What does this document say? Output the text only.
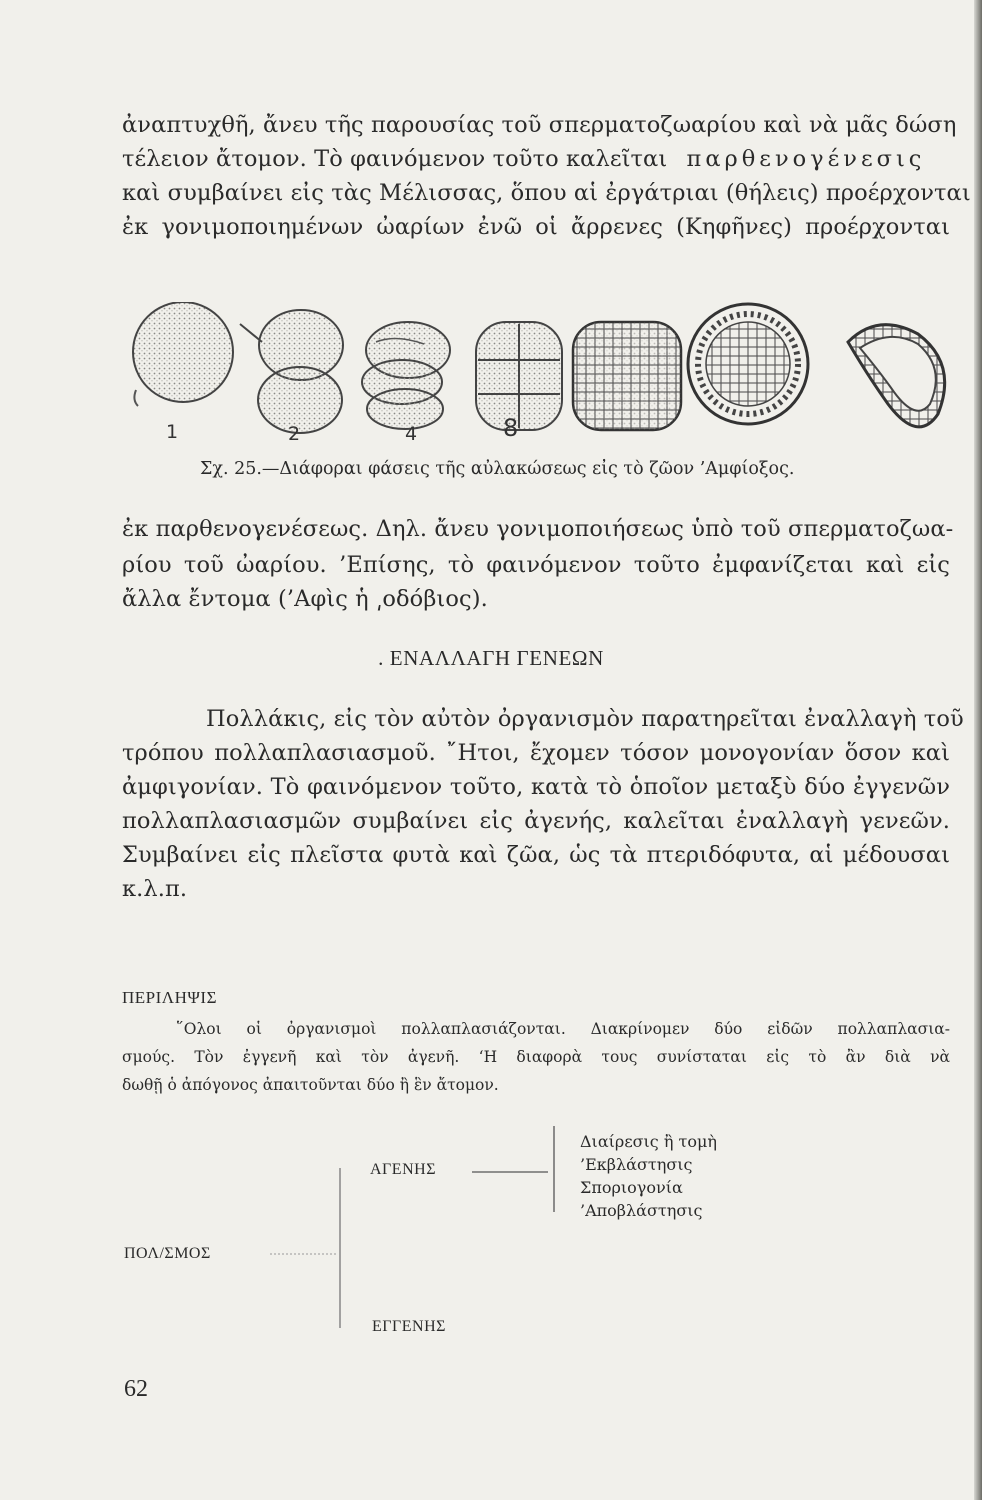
ἀναπτυχθῆ, ἄνευ τῆς παρουσίας τοῦ σπερματοζωαρίου καὶ νὰ μᾶς δώση
τέλειον ἄτομον. Τὸ φαινόμενον τοῦτο καλεῖται παρθενογένεσις
καὶ συμβαίνει εἰς τὰς Μέλισσας, ὅπου αἱ ἐργάτριαι (θήλεις) προέρχονται
ἐκ γονιμοποιημένων ὠαρίων ἐνῶ οἱ ἄρρενες (Κηφῆνες) προέρχονται
1	2	4	8
Σχ. 25.—Διάφοραι φάσεις τῆς αὐλακώσεως εἰς τὸ ζῶον ’Αμφίοξος.
ἐκ παρθενογενέσεως. Δηλ. ἄνευ γονιμοποιήσεως ὑπὸ τοῦ σπερματοζωα-
ρίου τοῦ ὠαρίου. ’Επίσης, τὸ φαινόμενον τοῦτο ἐμφανίζεται καὶ εἰς
ἄλλα ἔντομα (’Αφὶς ἡ ͵οδόβιος).
. ΕΝΑΛΛΑΓΗ ΓΕΝΕΩΝ
Πολλάκις, εἰς τὸν αὐτὸν ὀργανισμὸν παρατηρεῖται ἐναλλαγὴ τοῦ
τρόπου πολλαπλασιασμοῦ. ῎Ητοι, ἔχομεν τόσον μονογονίαν ὅσον καὶ
ἀμφιγονίαν. Τὸ φαινόμενον τοῦτο, κατὰ τὸ ὁποῖον μεταξὺ δύο ἐγγενῶν
πολλαπλασιασμῶν συμβαίνει εἰς ἀγενής, καλεῖται ἐναλλαγὴ γενεῶν.
Συμβαίνει εἰς πλεῖστα φυτὰ καὶ ζῶα, ὡς τὰ πτεριδόφυτα, αἱ μέδουσαι
κ.λ.π.
ΠΕΡΙΛΗΨΙΣ
῞Ολοι οἱ ὀργανισμοὶ πολλαπλασιάζονται. Διακρίνομεν δύο εἰδῶν πολλαπλασια-
σμούς. Τὸν ἐγγενῆ καὶ τὸν ἀγενῆ. ‘Η διαφορὰ τους συνίσταται εἰς τὸ ἂν διὰ νὰ
δωθῇ ὁ ἀπόγονος ἀπαιτοῦνται δύο ἢ ἓν ἄτομον.
ΠΟΛ/ΣΜΟΣ
ΑΓΕΝΗΣ
ΕΓΓΕΝΗΣ
Διαίρεσις ἢ τομὴ
’Εκβλάστησις
Σποριογονία
’Αποβλάστησις
62
